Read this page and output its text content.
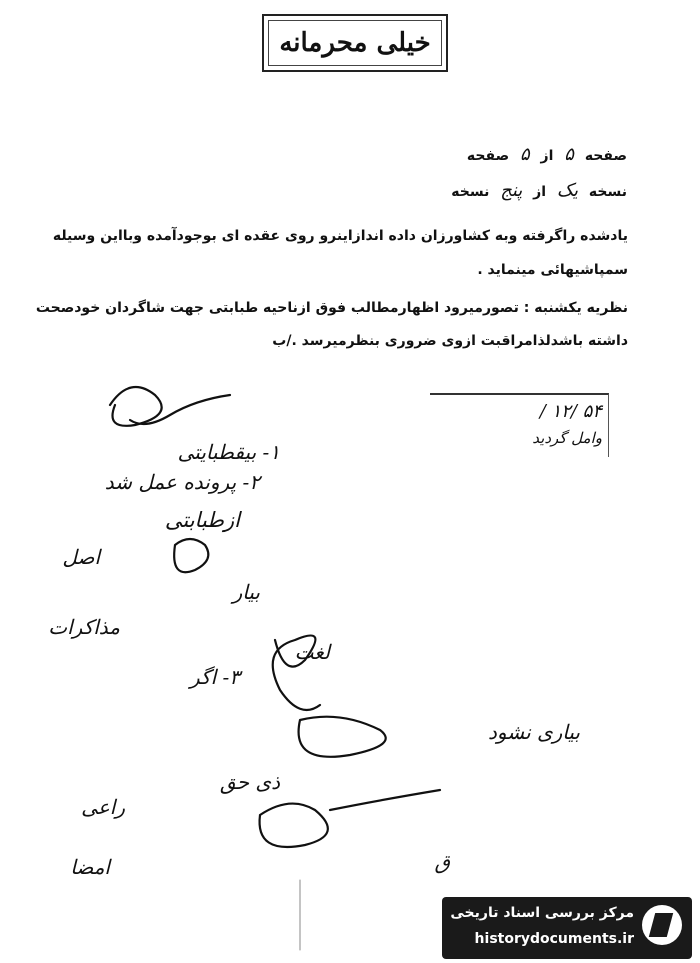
خیلی محرمانه
صفحه ۵ از ۵ صفحه
نسخه یک از پنج نسخه
یادشده راگرفته وبه کشاورزان داده اندازاینرو روی عقده ای بوجودآمده وبااین وسیله
سمپاشیهائی مینماید .
نظریه یکشنبه : تصورمیرود اظهارمطالب فوق ازناحیه طبابتی جهت شاگردان خودصحت
داشته باشدلذامراقبت ازوی ضروری بنظرمیرسد ./ب
۵۴ /۱۲ /
وامل گردید
۱- بیقطبایتی
۲- پرونده عمل شد
ازطبابتی
اصل
بیار
مذاکرات
لغت
۳- اگر
بیاری نشود
ذی حق
راعی
امضا	ق
مرکز بررسی اسناد تاریخی
historydocuments.ir
